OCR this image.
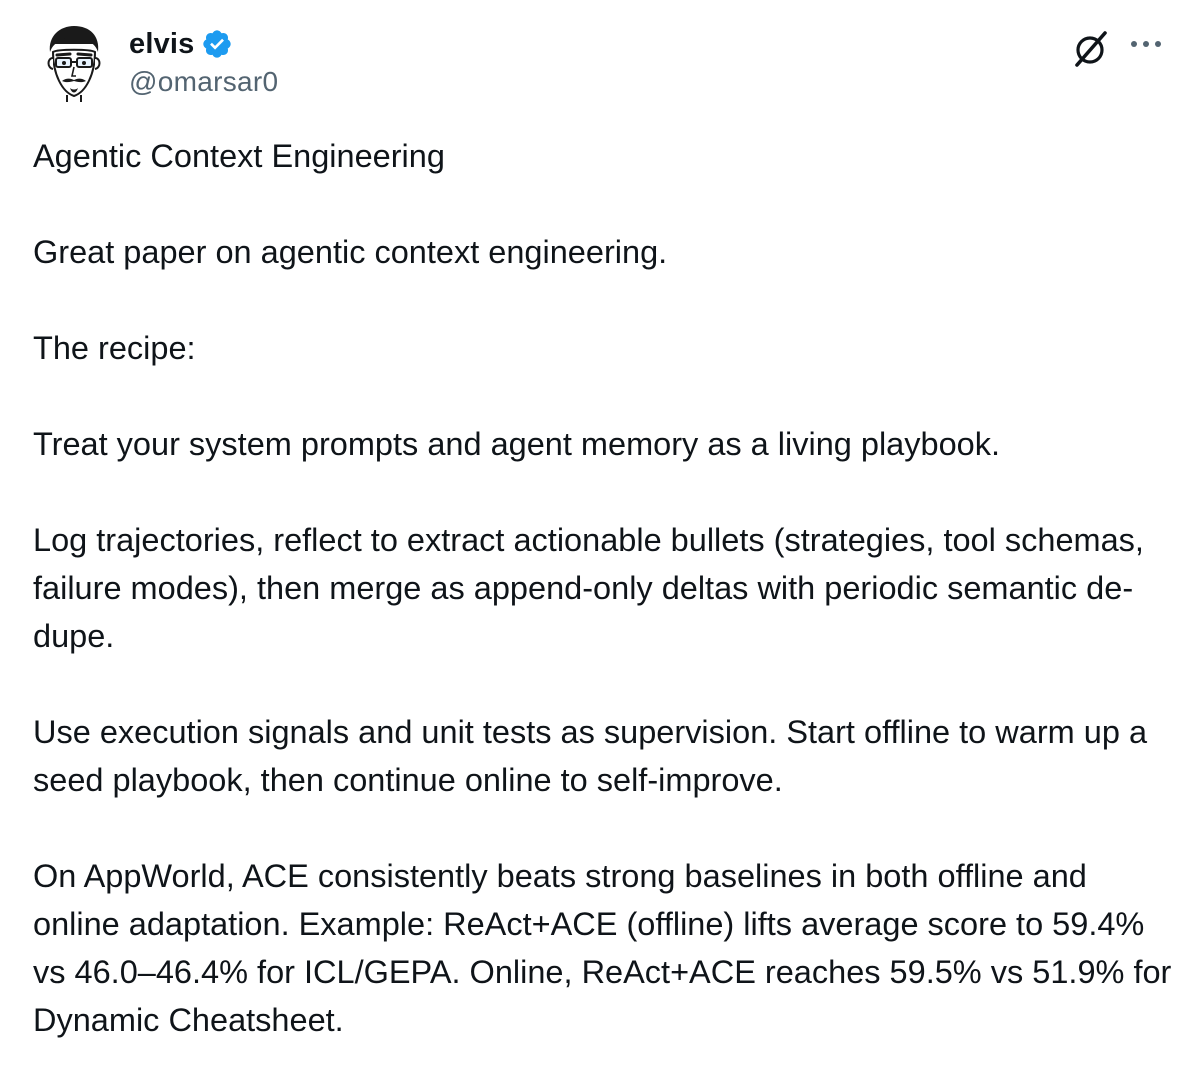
elvis
@omarsar0

Agentic Context Engineering

Great paper on agentic context engineering.

The recipe:

Treat your system prompts and agent memory as a living playbook.

Log trajectories, reflect to extract actionable bullets (strategies, tool schemas, failure modes), then merge as append-only deltas with periodic semantic de-dupe.

Use execution signals and unit tests as supervision. Start offline to warm up a seed playbook, then continue online to self-improve.

On AppWorld, ACE consistently beats strong baselines in both offline and online adaptation. Example: ReAct+ACE (offline) lifts average score to 59.4% vs 46.0–46.4% for ICL/GEPA. Online, ReAct+ACE reaches 59.5% vs 51.9% for Dynamic Cheatsheet.
